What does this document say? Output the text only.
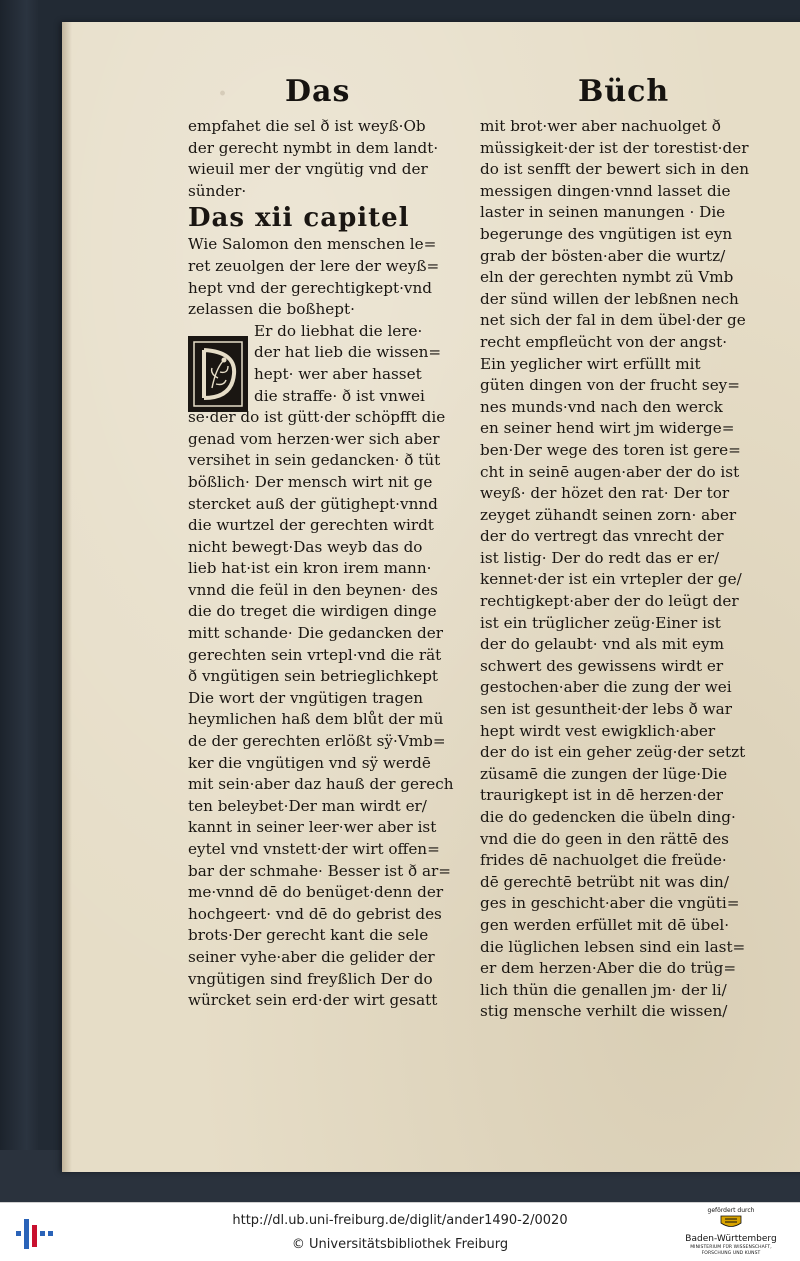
. Das	Büch
empfahet die sel ð ist weyß·Ob
der gerecht nymbt in dem landt·
wieuil mer der vngütig vnd der
sünder·
Das xii capitel
Wie Salomon den menschen le=
ret zeuolgen der lere der weyß=
hept vnd der gerechtigkept·vnd
zelassen die boßhept·
Er do liebhat die lere·
der hat lieb die wissen=
hept· wer aber hasset
die straffe· ð ist vnwei
se·der do ist gütt·der schöpfft die
genad vom herzen·wer sich aber
versihet in sein gedancken· ð tüt
bößlich· Der mensch wirt nit ge
stercket auß der gütighept·vnnd
die wurtzel der gerechten wirdt
nicht bewegt·Das weyb das do
lieb hat·ist ein kron irem mann·
vnnd die feül in den beynen· des
die do treget die wirdigen dinge
mitt schande· Die gedancken der
gerechten sein vrtepl·vnd die rät
ð vngütigen sein betrieglichkept
Die wort der vngütigen tragen
heymlichen haß dem blůt der mü
de der gerechten erlößt sÿ·Vmb=
ker die vngütigen vnd sÿ werdē
mit sein·aber daz hauß der gerech
ten beleybet·Der man wirdt er/
kannt in seiner leer·wer aber ist
eytel vnd vnstett·der wirt offen=
bar der schmahe· Besser ist ð ar=
me·vnnd dē do benüget·denn der
hochgeert· vnd dē do gebrist des
brots·Der gerecht kant die sele
seiner vyhe·aber die gelider der
vngütigen sind freyßlich Der do
würcket sein erd·der wirt gesatt
mit brot·wer aber nachuolget ð
müssigkeit·der ist der torestist·der
do ist senfft der bewert sich in den
messigen dingen·vnnd lasset die
laster in seinen manungen · Die
begerunge des vngütigen ist eyn
grab der bösten·aber die wurtz/
eln der gerechten nymbt zü Vmb
der sünd willen der lebßnen nech
net sich der fal in dem übel·der ge
recht empfleücht von der angst·
Ein yeglicher wirt erfüllt mit
güten dingen von der frucht sey=
nes munds·vnd nach den werck
en seiner hend wirt jm widerge=
ben·Der wege des toren ist gere=
cht in seinē augen·aber der do ist
weyß· der hözet den rat· Der tor
zeyget zühandt seinen zorn· aber
der do vertregt das vnrecht der
ist listig· Der do redt das er er/
kennet·der ist ein vrtepler der ge/
rechtigkept·aber der do leügt der
ist ein trüglicher zeüg·Einer ist
der do gelaubt· vnd als mit eym
schwert des gewissens wirdt er
gestochen·aber die zung der wei
sen ist gesuntheit·der lebs ð war
hept wirdt vest ewigklich·aber
der do ist ein geher zeüg·der setzt
züsamē die zungen der lüge·Die
traurigkept ist in dē herzen·der
die do gedencken die übeln ding·
vnd die do geen in den rättē des
frides dē nachuolget die freüde·
dē gerechtē betrübt nit was din/
ges in geschicht·aber die vngüti=
gen werden erfüllet mit dē übel·
die lüglichen lebsen sind ein last=
er dem herzen·Aber die do trüg=
lich thün die genallen jm· der li/
stig mensche verhilt die wissen/
http://dl.ub.uni-freiburg.de/diglit/ander1490-2/0020
© Universitätsbibliothek Freiburg
gefördert durch
Baden-Württemberg
MINISTERIUM FÜR WISSENSCHAFT, FORSCHUNG UND KUNST
